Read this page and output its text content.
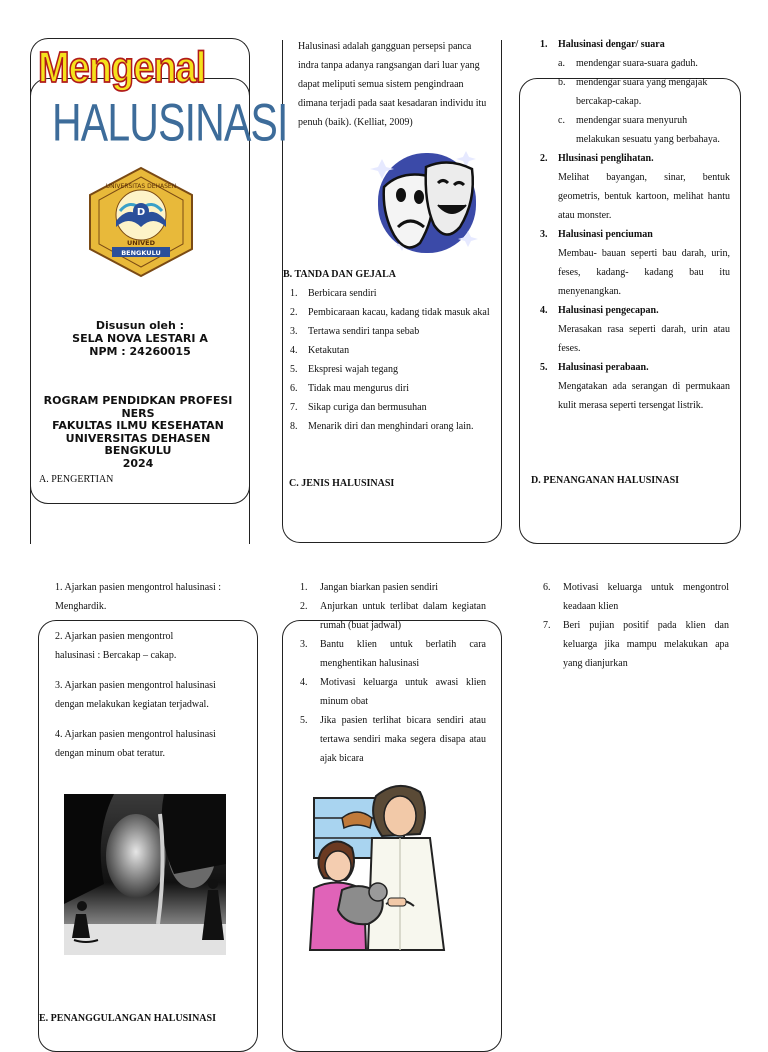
Mengenal
HALUSINASI
D
UNIVERSITAS DEHASEN
UNIVED
BENGKULU
Disusun oleh :
SELA NOVA LESTARI A
NPM : 24260015
ROGRAM PENDIDKAN PROFESI NERS
FAKULTAS ILMU KESEHATAN
UNIVERSITAS DEHASEN
BENGKULU
2024
A. PENGERTIAN
Halusinasi adalah gangguan persepsi panca indra tanpa adanya rangsangan dari luar yang dapat meliputi semua sistem pengindraan dimana terjadi pada saat kesadaran individu itu penuh (baik). (Kelliat, 2009)
B. TANDA DAN GEJALA
1.	Berbicara sendiri
2.	Pembicaraan kacau, kadang tidak masuk akal
3.	Tertawa sendiri tanpa sebab
4.	Ketakutan
5.	Ekspresi wajah tegang
6.	Tidak mau mengurus diri
7.	Sikap curiga dan bermusuhan
8.	Menarik diri dan menghindari orang lain.
C. JENIS HALUSINASI
1.	Halusinasi dengar/ suara
a.	mendengar suara-suara gaduh.
b.	mendengar suara yang mengajak bercakap-cakap.
c.	mendengar suara menyuruh melakukan sesuatu yang berbahaya.
2.	Hlusinasi penglihatan.
Melihat bayangan, sinar, bentuk geometris, bentuk kartoon, melihat hantu atau monster.
3.	Halusinasi penciuman
Membau- bauan seperti bau darah, urin, feses, kadang- kadang bau itu menyenangkan.
4.	Halusinasi pengecapan.
Merasakan rasa seperti darah, urin atau feses.
5.	Halusinasi perabaan.
Mengatakan ada serangan di permukaan kulit merasa seperti tersengat listrik.
D. PENANGANAN HALUSINASI
1. Ajarkan pasien mengontrol halusinasi : Menghardik.
2. Ajarkan pasien mengontrol halusinasi : Bercakap – cakap.
3. Ajarkan pasien mengontrol halusinasi dengan melakukan kegiatan terjadwal.
4. Ajarkan pasien mengontrol halusinasi dengan minum obat teratur.
E. PENANGGULANGAN HALUSINASI
1.	Jangan biarkan pasien sendiri
2.	Anjurkan untuk terlibat dalam kegiatan rumah (buat jadwal)
3.	Bantu klien untuk berlatih cara menghentikan halusinasi
4.	Motivasi keluarga untuk awasi klien minum obat
5.	Jika pasien terlihat bicara sendiri atau tertawa sendiri maka segera disapa atau ajak bicara
6.	Motivasi keluarga untuk mengontrol keadaan klien
7.	Beri pujian positif pada klien dan keluarga jika mampu melakukan apa yang dianjurkan
